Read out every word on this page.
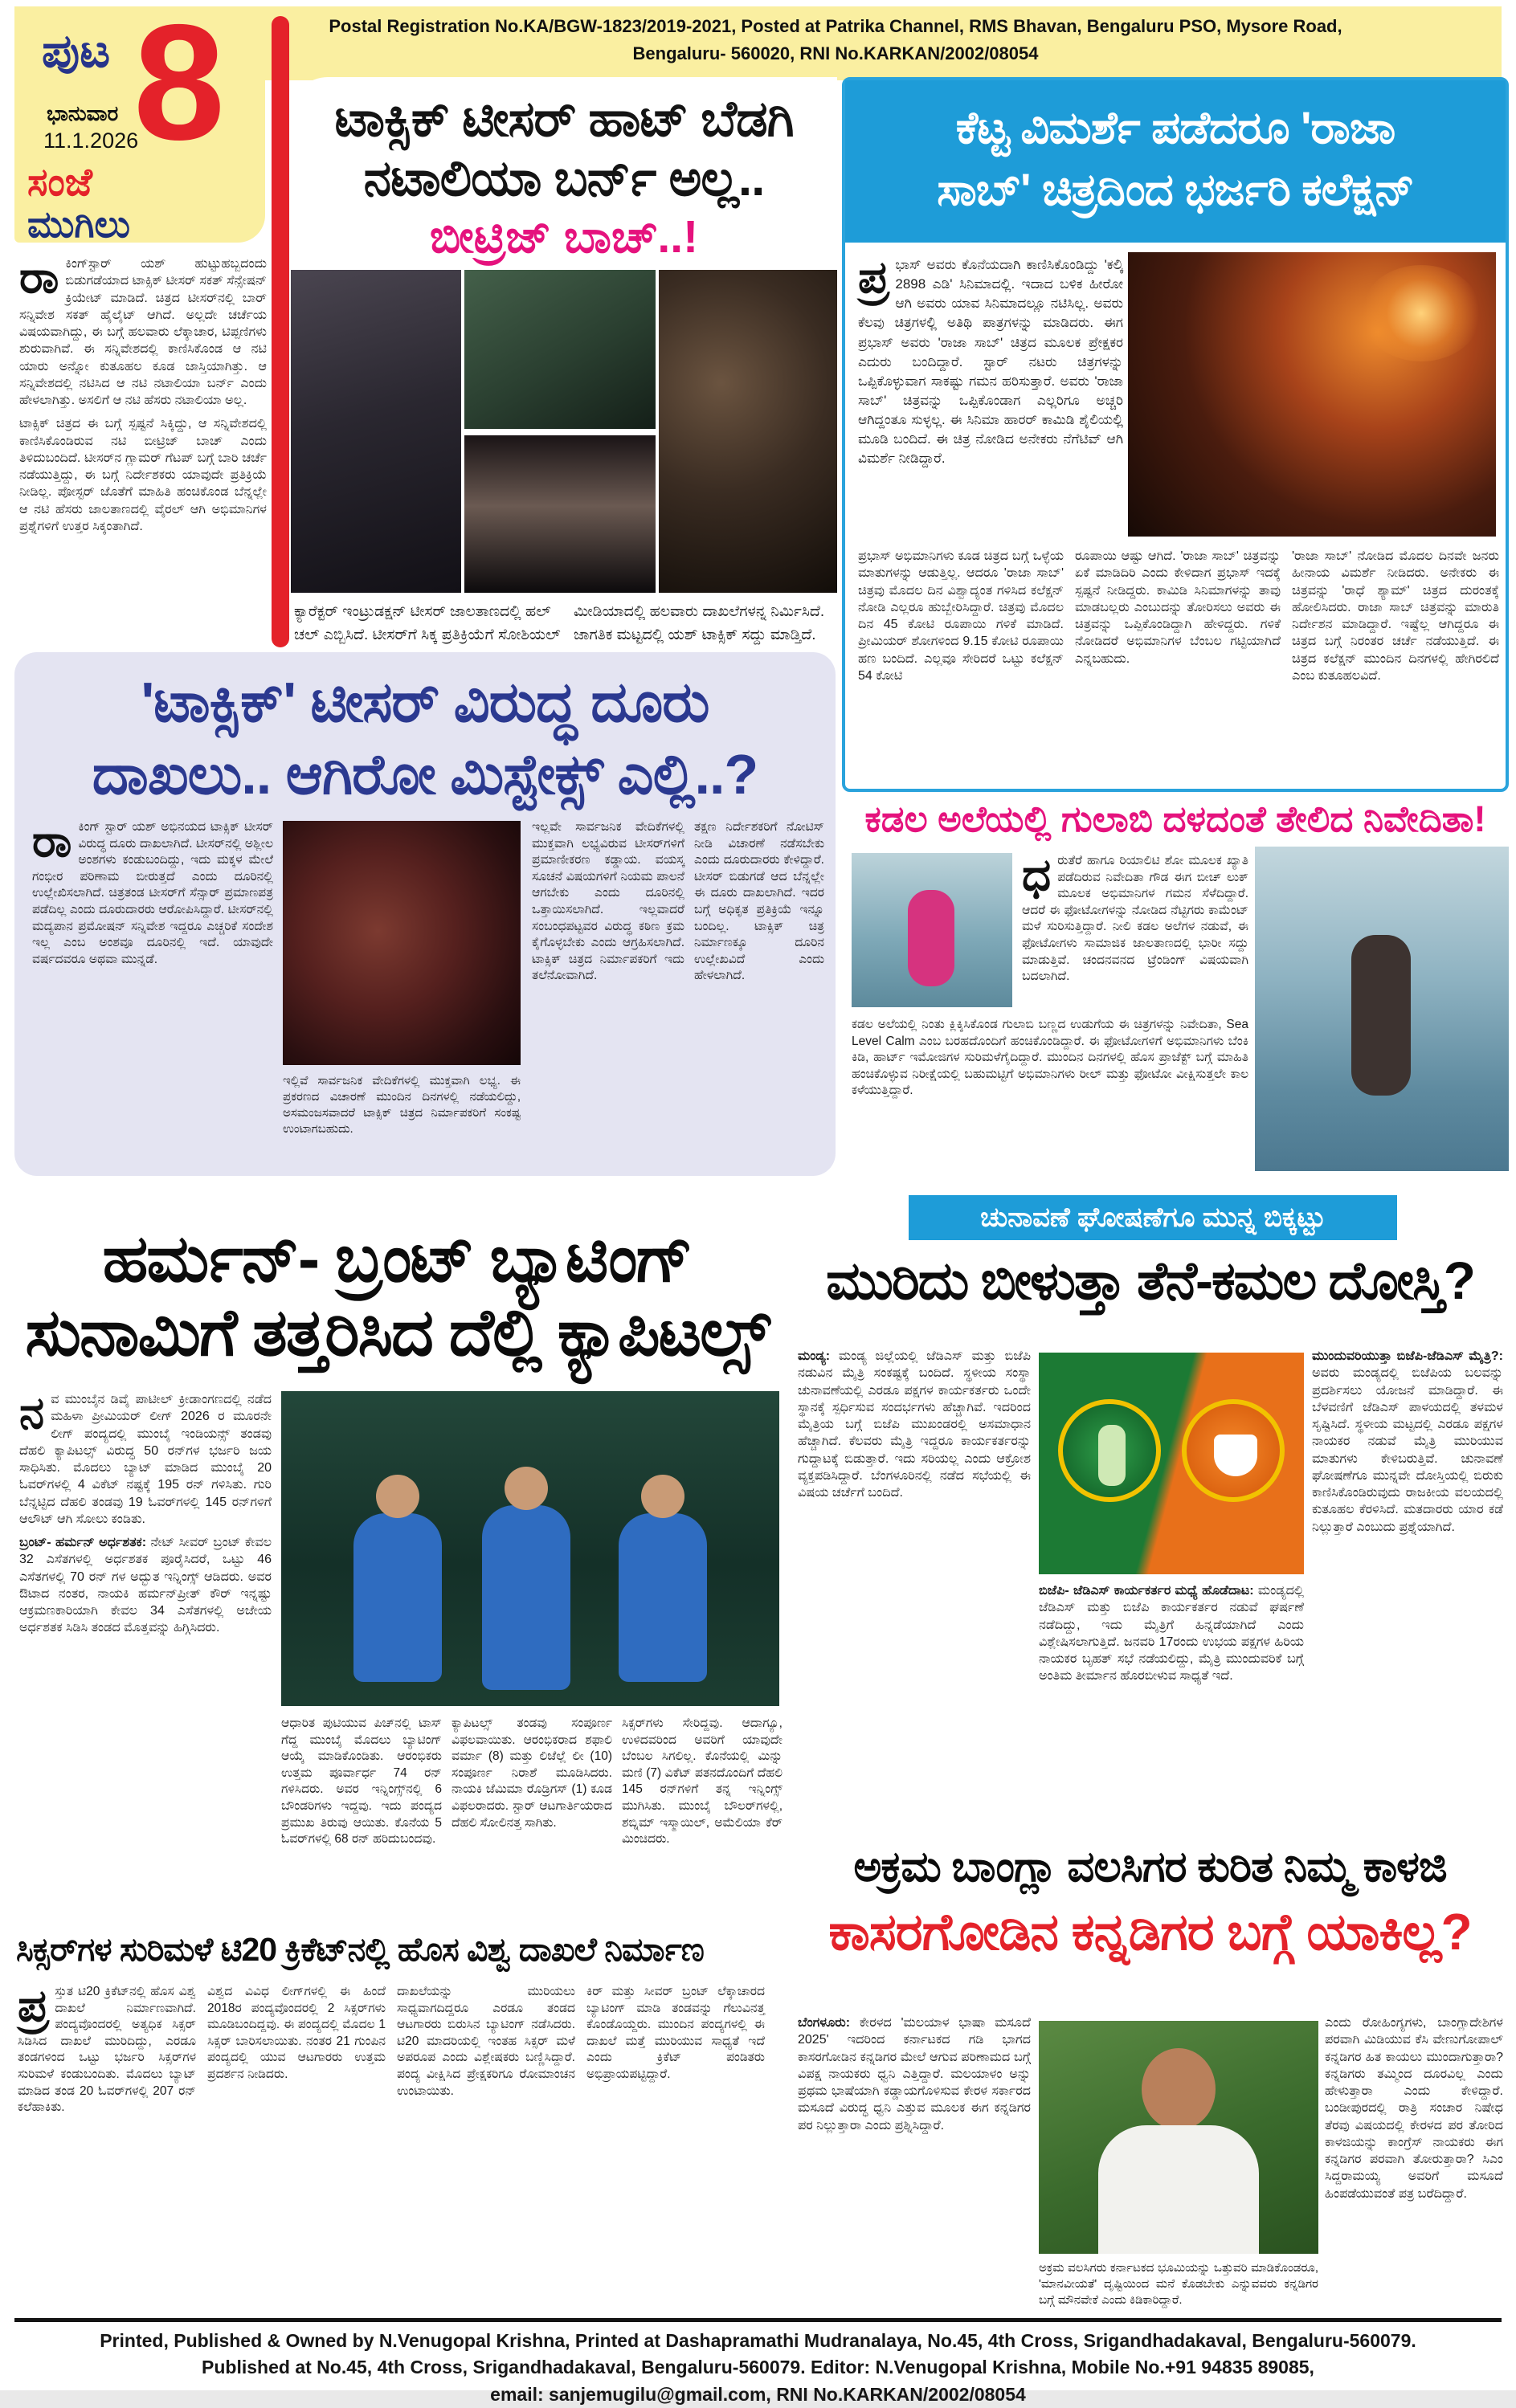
Postal Registration No.KA/BGW-1823/2019-2021, Posted at Patrika Channel, RMS Bhavan, Bengaluru PSO, Mysore Road,
Bengaluru- 560020, RNI No.KARKAN/2002/08054
ಪುಟ 8
ಭಾನುವಾರ
11.1.2026
ಸಂಜೆ
ಮುಗಿಲು
ಟಾಕ್ಸಿಕ್ ಟೀಸರ್ ಹಾಟ್ ಬೆಡಗಿ
ನಟಾಲಿಯಾ ಬರ್ನ್ ಅಲ್ಲ..
ಬೀಟ್ರಿಜ್ ಬಾಚ್..!
ಕ್ಯಾರೆಕ್ಟರ್ ಇಂಟ್ರುಡಕ್ಷನ್ ಟೀಸರ್ ಜಾಲತಾಣದಲ್ಲಿ ಹಲ್ ಚಲ್ ಎಬ್ಬಿಸಿದೆ. ಟೀಸರ್‌ಗೆ ಸಿಕ್ಕ ಪ್ರತಿಕ್ರಿಯೆಗೆ ಸೋಶಿಯಲ್
ಮೀಡಿಯಾದಲ್ಲಿ ಹಲವಾರು ದಾಖಲೆಗಳನ್ನ ನಿರ್ಮಿಸಿದೆ. ಜಾಗತಿಕ ಮಟ್ಟದಲ್ಲಿ ಯಶ್ ಟಾಕ್ಸಿಕ್ ಸದ್ದು ಮಾಡ್ತಿದೆ.

ರಾಕಿಂಗ್‌ಸ್ಟಾರ್ ಯಶ್ ಹುಟ್ಟುಹಬ್ಬದಂದು ಬಿಡುಗಡೆಯಾದ ಟಾಕ್ಸಿಕ್ ಟೀಸರ್ ಸಕತ್ ಸೆನ್ಸೇಷನ್ ಕ್ರಿಯೇಟ್ ಮಾಡಿದೆ. ಚಿತ್ರದ ಟೀಸರ್‌ನಲ್ಲಿ ಬಾರ್ ಸನ್ನಿವೇಶ ಸಕತ್ ಹೈಲೈಟ್ ಆಗಿದೆ. ಅಲ್ಲದೇ ಚರ್ಚೆಯ ವಿಷಯವಾಗಿದ್ದು, ಈ ಬಗ್ಗೆ ಹಲವಾರು ಲೆಕ್ಕಾಚಾರ, ಟಿಪ್ಪಣಿಗಳು ಶುರುವಾಗಿವೆ. ಈ ಸನ್ನಿವೇಶದಲ್ಲಿ ಕಾಣಿಸಿಕೊಂಡ ಆ ನಟಿ ಯಾರು ಅನ್ನೋ ಕುತೂಹಲ ಕೂಡ ಜಾಸ್ತಿಯಾಗಿತ್ತು. ಆ ಸನ್ನಿವೇಶದಲ್ಲಿ ನಟಿಸಿದ ಆ ನಟಿ ನಟಾಲಿಯಾ ಬರ್ನ್ ಎಂದು ಹೇಳಲಾಗಿತ್ತು. ಅಸಲಿಗೆ ಆ ನಟಿ ಹೆಸರು ನಟಾಲಿಯಾ ಅಲ್ಲ.

ಟಾಕ್ಸಿಕ್ ಚಿತ್ರದ ಈ ಬಗ್ಗೆ ಸ್ಪಷ್ಟನೆ ಸಿಕ್ಕಿದ್ದು, ಆ ಸನ್ನಿವೇಶದಲ್ಲಿ ಕಾಣಿಸಿಕೊಂಡಿರುವ ನಟಿ ಬೀಟ್ರಿಜ್ ಬಾಚ್ ಎಂದು ತಿಳಿದುಬಂದಿದೆ. ಟೀಸರ್‌ನ ಗ್ಲಾಮರ್ ಗೆಟಪ್ ಬಗ್ಗೆ ಬಾರಿ ಚರ್ಚೆ ನಡೆಯುತ್ತಿದ್ದು, ಈ ಬಗ್ಗೆ ನಿರ್ದೇಶಕರು ಯಾವುದೇ ಪ್ರತಿಕ್ರಿಯೆ ನೀಡಿಲ್ಲ. ಪೋಸ್ಟರ್ ಜೊತೆಗೆ ಮಾಹಿತಿ ಹಂಚಿಕೊಂಡ ಬೆನ್ನಲ್ಲೇ ಆ ನಟಿ ಹೆಸರು ಜಾಲತಾಣದಲ್ಲಿ ವೈರಲ್ ಆಗಿ ಅಭಿಮಾನಿಗಳ ಪ್ರಶ್ನೆಗಳಿಗೆ ಉತ್ತರ ಸಿಕ್ಕಂತಾಗಿದೆ.

ಕೆಟ್ಟ ವಿಮರ್ಶೆ ಪಡೆದರೂ 'ರಾಜಾ
ಸಾಬ್' ಚಿತ್ರದಿಂದ ಭರ್ಜರಿ ಕಲೆಕ್ಷನ್

ಪ್ರ ಭಾಸ್ ಅವರು ಕೊನೆಯದಾಗಿ ಕಾಣಿಸಿಕೊಂಡಿದ್ದು 'ಕಲ್ಕಿ 2898 ಎಡಿ' ಸಿನಿಮಾದಲ್ಲಿ. ಇದಾದ ಬಳಿಕ ಹೀರೋ ಆಗಿ ಅವರು ಯಾವ ಸಿನಿಮಾದಲ್ಲೂ ನಟಿಸಿಲ್ಲ. ಅವರು ಕೆಲವು ಚಿತ್ರಗಳಲ್ಲಿ ಅತಿಥಿ ಪಾತ್ರಗಳನ್ನು ಮಾಡಿದರು. ಈಗ ಪ್ರಭಾಸ್ ಅವರು 'ರಾಜಾ ಸಾಬ್' ಚಿತ್ರದ ಮೂಲಕ ಪ್ರೇಕ್ಷಕರ ಎದುರು ಬಂದಿದ್ದಾರೆ. ಸ್ಟಾರ್ ನಟರು ಚಿತ್ರಗಳನ್ನು ಒಪ್ಪಿಕೊಳ್ಳುವಾಗ ಸಾಕಷ್ಟು ಗಮನ ಹರಿಸುತ್ತಾರೆ. ಅವರು 'ರಾಜಾ ಸಾಬ್' ಚಿತ್ರವನ್ನು ಒಪ್ಪಿಕೊಂಡಾಗ ಎಲ್ಲರಿಗೂ ಅಚ್ಚರಿ ಆಗಿದ್ದಂತೂ ಸುಳ್ಳಲ್ಲ. ಈ ಸಿನಿಮಾ ಹಾರರ್ ಕಾಮಿಡಿ ಶೈಲಿಯಲ್ಲಿ ಮೂಡಿ ಬಂದಿದೆ. ಈ ಚಿತ್ರ ನೋಡಿದ ಅನೇಕರು ನೆಗೆಟಿವ್ ಆಗಿ ವಿಮರ್ಶೆ ನೀಡಿದ್ದಾರೆ.

ಪ್ರಭಾಸ್ ಅಭಿಮಾನಿಗಳು ಕೂಡ ಚಿತ್ರದ ಬಗ್ಗೆ ಒಳ್ಳೆಯ ಮಾತುಗಳನ್ನು ಆಡುತ್ತಿಲ್ಲ. ಆದರೂ 'ರಾಜಾ ಸಾಬ್' ಚಿತ್ರವು ಮೊದಲ ದಿನ ವಿಶ್ವಾದ್ಯಂತ ಗಳಿಸಿದ ಕಲೆಕ್ಷನ್ ನೋಡಿ ಎಲ್ಲರೂ ಹುಬ್ಬೇರಿಸಿದ್ದಾರೆ. ಚಿತ್ರವು ಮೊದಲ ದಿನ 45 ಕೋಟಿ ರೂಪಾಯಿ ಗಳಿಕೆ ಮಾಡಿದೆ. ಪ್ರೀಮಿಯರ್ ಶೋಗಳಿಂದ 9.15 ಕೋಟಿ ರೂಪಾಯಿ ಹಣ ಬಂದಿದೆ. ಎಲ್ಲವೂ ಸೇರಿದರೆ ಒಟ್ಟು ಕಲೆಕ್ಷನ್ 54 ಕೋಟಿ
ರೂಪಾಯಿ ಆಷ್ಟು ಆಗಿದೆ. 'ರಾಜಾ ಸಾಬ್' ಚಿತ್ರವನ್ನು ಏಕೆ ಮಾಡಿದಿರಿ ಎಂದು ಕೇಳಿದಾಗ ಪ್ರಭಾಸ್ ಇದಕ್ಕೆ ಸ್ಪಷ್ಟನೆ ನೀಡಿದ್ದರು. ಕಾಮಿಡಿ ಸಿನಿಮಾಗಳನ್ನು ತಾವು ಮಾಡಬಲ್ಲರು ಎಂಬುದನ್ನು ತೋರಿಸಲು ಅವರು ಈ ಚಿತ್ರವನ್ನು ಒಪ್ಪಿಕೊಂಡಿದ್ದಾಗಿ ಹೇಳಿದ್ದರು. ಗಳಿಕೆ ನೋಡಿದರೆ ಅಭಿಮಾನಿಗಳ ಬೆಂಬಲ ಗಟ್ಟಿಯಾಗಿದೆ ಎನ್ನಬಹುದು.
'ರಾಜಾ ಸಾಬ್' ನೋಡಿದ ಮೊದಲ ದಿನವೇ ಜನರು ಹೀನಾಯ ವಿಮರ್ಶೆ ನೀಡಿದರು. ಅನೇಕರು ಈ ಚಿತ್ರವನ್ನು 'ರಾಧೆ ಶ್ಯಾಮ್' ಚಿತ್ರದ ದುರಂತಕ್ಕೆ ಹೋಲಿಸಿದರು. ರಾಜಾ ಸಾಬ್ ಚಿತ್ರವನ್ನು ಮಾರುತಿ ನಿರ್ದೇಶನ ಮಾಡಿದ್ದಾರೆ. ಇಷ್ಟೆಲ್ಲ ಆಗಿದ್ದರೂ ಈ ಚಿತ್ರದ ಬಗ್ಗೆ ನಿರಂತರ ಚರ್ಚೆ ನಡೆಯುತ್ತಿದೆ. ಈ ಚಿತ್ರದ ಕಲೆಕ್ಷನ್ ಮುಂದಿನ ದಿನಗಳಲ್ಲಿ ಹೇಗಿರಲಿದೆ ಎಂಬ ಕುತೂಹಲವಿದೆ.
'ಟಾಕ್ಸಿಕ್' ಟೀಸರ್ ವಿರುದ್ಧ ದೂರು
ದಾಖಲು.. ಆಗಿರೋ ಮಿಸ್ಟೇಕ್ಸ್ ಎಲ್ಲಿ..?

ರಾಕಿಂಗ್ ಸ್ಟಾರ್ ಯಶ್ ಅಭಿನಯದ ಟಾಕ್ಸಿಕ್ ಟೀಸರ್ ವಿರುದ್ಧ ದೂರು ದಾಖಲಾಗಿದೆ. ಟೀಸರ್‌ನಲ್ಲಿ ಅಶ್ಲೀಲ ಅಂಶಗಳು ಕಂಡುಬಂದಿದ್ದು, ಇದು ಮಕ್ಕಳ ಮೇಲೆ ಗಂಭೀರ ಪರಿಣಾಮ ಬೀರುತ್ತದೆ ಎಂದು ದೂರಿನಲ್ಲಿ ಉಲ್ಲೇಖಿಸಲಾಗಿದೆ. ಚಿತ್ರತಂಡ ಟೀಸರ್‌ಗೆ ಸೆನ್ಸಾರ್ ಪ್ರಮಾಣಪತ್ರ ಪಡೆದಿಲ್ಲ ಎಂದು ದೂರುದಾರರು ಆರೋಪಿಸಿದ್ದಾರೆ. ಟೀಸರ್‌ನಲ್ಲಿ ಮದ್ಯಪಾನ ಪ್ರಮೋಷನ್ ಸನ್ನಿವೇಶ ಇದ್ದರೂ ಎಚ್ಚರಿಕೆ ಸಂದೇಶ ಇಲ್ಲ ಎಂಬ ಅಂಶವೂ ದೂರಿನಲ್ಲಿ ಇದೆ. ಯಾವುದೇ ವರ್ಷದವರೂ ಅಥವಾ ಮುನ್ನಡೆ.

ಇಲ್ಲಿವೆ ಸಾರ್ವಜನಿಕ ವೇದಿಕೆಗಳಲ್ಲಿ ಮುಕ್ತವಾಗಿ ಲಭ್ಯ. ಈ ಪ್ರಕರಣದ ವಿಚಾರಣೆ ಮುಂದಿನ ದಿನಗಳಲ್ಲಿ ನಡೆಯಲಿದ್ದು, ಅಸಮಂಜಸವಾದರೆ ಟಾಕ್ಸಿಕ್ ಚಿತ್ರದ ನಿರ್ಮಾಪಕರಿಗೆ ಸಂಕಷ್ಟ ಉಂಟಾಗಬಹುದು.
ಇಲ್ಲವೇ ಸಾರ್ವಜನಿಕ ವೇದಿಕೆಗಳಲ್ಲಿ ಮುಕ್ತವಾಗಿ ಲಭ್ಯವಿರುವ ಟೀಸರ್‌ಗಳಿಗೆ ಪ್ರಮಾಣೀಕರಣ ಕಡ್ಡಾಯ. ವಯಸ್ಕ ಸೂಚನೆ ವಿಷಯಗಳಿಗೆ ನಿಯಮ ಪಾಲನೆ ಆಗಬೇಕು ಎಂದು ದೂರಿನಲ್ಲಿ ಒತ್ತಾಯಿಸಲಾಗಿದೆ. ಇಲ್ಲವಾದರೆ ಸಂಬಂಧಪಟ್ಟವರ ವಿರುದ್ಧ ಕಠಿಣ ಕ್ರಮ ಕೈಗೊಳ್ಳಬೇಕು ಎಂದು ಆಗ್ರಹಿಸಲಾಗಿದೆ. ಟಾಕ್ಸಿಕ್ ಚಿತ್ರದ ನಿರ್ಮಾಪಕರಿಗೆ ಇದು ತಲೆನೋವಾಗಿದೆ.
ತಕ್ಷಣ ನಿರ್ದೇಶಕರಿಗೆ ನೋಟಿಸ್ ನೀಡಿ ವಿಚಾರಣೆ ನಡೆಸಬೇಕು ಎಂದು ದೂರುದಾರರು ಕೇಳಿದ್ದಾರೆ. ಟೀಸರ್ ಬಿಡುಗಡೆ ಆದ ಬೆನ್ನಲ್ಲೇ ಈ ದೂರು ದಾಖಲಾಗಿದೆ. ಇದರ ಬಗ್ಗೆ ಅಧಿಕೃತ ಪ್ರತಿಕ್ರಿಯೆ ಇನ್ನೂ ಬಂದಿಲ್ಲ. ಟಾಕ್ಸಿಕ್ ಚಿತ್ರ ನಿರ್ಮಾಣಕ್ಕೂ ದೂರಿನ ಉಲ್ಲೇಖವಿದೆ ಎಂದು ಹೇಳಲಾಗಿದೆ.
ಕಡಲ ಅಲೆಯಲ್ಲಿ ಗುಲಾಬಿ ದಳದಂತೆ ತೇಲಿದ ನಿವೇದಿತಾ!

ಧರುತೆರೆ ಹಾಗೂ ರಿಯಾಲಿಟಿ ಶೋ ಮೂಲಕ ಖ್ಯಾತಿ ಪಡೆದಿರುವ ನಿವೇದಿತಾ ಗೌಡ ಈಗ ಬೀಚ್ ಲುಕ್ ಮೂಲಕ ಅಭಿಮಾನಿಗಳ ಗಮನ ಸೆಳೆದಿದ್ದಾರೆ. ಆದರೆ ಈ ಫೋಟೋಗಳನ್ನು ನೋಡಿದ ನೆಟ್ಟಿಗರು ಕಾಮೆಂಟ್ ಮಳೆ ಸುರಿಸುತ್ತಿದ್ದಾರೆ. ನೀಲಿ ಕಡಲ ಅಲೆಗಳ ನಡುವೆ, ಈ ಫೋಟೋಗಳು ಸಾಮಾಜಿಕ ಜಾಲತಾಣದಲ್ಲಿ ಭಾರೀ ಸದ್ದು ಮಾಡುತ್ತಿವೆ. ಚಂದನವನದ ಟ್ರೆಂಡಿಂಗ್ ವಿಷಯವಾಗಿ ಬದಲಾಗಿದೆ.

ಕಡಲ ಅಲೆಯಲ್ಲಿ ನಿಂತು ಕ್ಲಿಕ್ಕಿಸಿಕೊಂಡ ಗುಲಾಬಿ ಬಣ್ಣದ ಉಡುಗೆಯ ಈ ಚಿತ್ರಗಳನ್ನು ನಿವೇದಿತಾ, Sea Level Calm ಎಂಬ ಬರಹದೊಂದಿಗೆ ಹಂಚಿಕೊಂಡಿದ್ದಾರೆ. ಈ ಫೋಟೋಗಳಿಗೆ ಅಭಿಮಾನಿಗಳು ಬೆಂಕಿ ಕಿಡಿ, ಹಾರ್ಟ್ ಇಮೋಜಿಗಳ ಸುರಿಮಳೆಗೈದಿದ್ದಾರೆ. ಮುಂದಿನ ದಿನಗಳಲ್ಲಿ ಹೊಸ ಪ್ರಾಜೆಕ್ಟ್ ಬಗ್ಗೆ ಮಾಹಿತಿ ಹಂಚಿಕೊಳ್ಳುವ ನಿರೀಕ್ಷೆಯಲ್ಲಿ ಬಹುಮಟ್ಟಿಗೆ ಅಭಿಮಾನಿಗಳು ರೀಲ್ ಮತ್ತು ಫೋಟೋ ವೀಕ್ಷಿಸುತ್ತಲೇ ಕಾಲ ಕಳೆಯುತ್ತಿದ್ದಾರೆ.
ಹರ್ಮನ್- ಬ್ರಂಟ್ ಬ್ಯಾಟಿಂಗ್
ಸುನಾಮಿಗೆ ತತ್ತರಿಸಿದ ದೆಲ್ಲಿ ಕ್ಯಾಪಿಟಲ್ಸ್

ನವ ಮುಂಬೈನ ಡಿವೈ ಪಾಟೀಲ್ ಕ್ರೀಡಾಂಗಣದಲ್ಲಿ ನಡೆದ ಮಹಿಳಾ ಪ್ರೀಮಿಯರ್ ಲೀಗ್ 2026 ರ ಮೂರನೇ ಲೀಗ್ ಪಂದ್ಯದಲ್ಲಿ ಮುಂಬೈ ಇಂಡಿಯನ್ಸ್ ತಂಡವು ದೆಹಲಿ ಕ್ಯಾಪಿಟಲ್ಸ್ ವಿರುದ್ಧ 50 ರನ್‌ಗಳ ಭರ್ಜರಿ ಜಯ ಸಾಧಿಸಿತು. ಮೊದಲು ಬ್ಯಾಟ್ ಮಾಡಿದ ಮುಂಬೈ 20 ಓವರ್‌ಗಳಲ್ಲಿ 4 ವಿಕೆಟ್ ನಷ್ಟಕ್ಕೆ 195 ರನ್ ಗಳಿಸಿತು. ಗುರಿ ಬೆನ್ನಟ್ಟಿದ ದೆಹಲಿ ತಂಡವು 19 ಓವರ್‌ಗಳಲ್ಲಿ 145 ರನ್‌ಗಳಿಗೆ ಆಲೌಟ್ ಆಗಿ ಸೋಲು ಕಂಡಿತು.

ಬ್ರಂಟ್- ಹರ್ಮನ್ ಅರ್ಧಶತಕ: ನೇಟ್ ಸೀವರ್ ಬ್ರಂಟ್ ಕೇವಲ 32 ಎಸೆತಗಳಲ್ಲಿ ಅರ್ಧಶತಕ ಪೂರೈಸಿದರೆ, ಒಟ್ಟು 46 ಎಸೆತಗಳಲ್ಲಿ 70 ರನ್ ಗಳ ಅದ್ಭುತ ಇನ್ನಿಂಗ್ಸ್ ಆಡಿದರು. ಅವರ ಔಟಾದ ನಂತರ, ನಾಯಕಿ ಹರ್ಮನ್‌ಪ್ರೀತ್ ಕೌರ್ ಇನ್ನಷ್ಟು ಆಕ್ರಮಣಕಾರಿಯಾಗಿ ಕೇವಲ 34 ಎಸೆತಗಳಲ್ಲಿ ಅಜೇಯ ಅರ್ಧಶತಕ ಸಿಡಿಸಿ ತಂಡದ ಮೊತ್ತವನ್ನು ಹಿಗ್ಗಿಸಿದರು.

ಆಧಾರಿತ ಪುಟಿಯುವ ಪಿಚ್‌ನಲ್ಲಿ ಟಾಸ್ ಗೆದ್ದ ಮುಂಬೈ ಮೊದಲು ಬ್ಯಾಟಿಂಗ್ ಆಯ್ಕೆ ಮಾಡಿಕೊಂಡಿತು. ಆರಂಭಿಕರು ಉತ್ತಮ ಪೂರ್ವಾರ್ಧ 74 ರನ್ ಗಳಿಸಿದರು. ಅವರ ಇನ್ನಿಂಗ್ಸ್‌ನಲ್ಲಿ 6 ಬೌಂಡರಿಗಳು ಇದ್ದವು. ಇದು ಪಂದ್ಯದ ಪ್ರಮುಖ ತಿರುವು ಆಯಿತು. ಕೊನೆಯ 5 ಓವರ್‌ಗಳಲ್ಲಿ 68 ರನ್ ಹರಿದುಬಂದವು.
ಕ್ಯಾಪಿಟಲ್ಸ್ ತಂಡವು ಸಂಪೂರ್ಣ ವಿಫಲವಾಯಿತು. ಆರಂಭಿಕರಾದ ಶಫಾಲಿ ವರ್ಮಾ (8) ಮತ್ತು ಲಿಜೆಲ್ಲೆ ಲೀ (10) ಸಂಪೂರ್ಣ ನಿರಾಶೆ ಮೂಡಿಸಿದರು. ನಾಯಕಿ ಜೆಮಿಮಾ ರೊಡ್ರಿಗಸ್ (1) ಕೂಡ ವಿಫಲರಾದರು. ಸ್ಟಾರ್ ಆಟಗಾರ್ತಿಯರಾದ ದೆಹಲಿ ಸೋಲಿನತ್ತ ಸಾಗಿತು.
ಸಿಕ್ಸರ್‌ಗಳು ಸೇರಿದ್ದವು. ಆದಾಗ್ಯೂ, ಉಳಿದವರಿಂದ ಅವರಿಗೆ ಯಾವುದೇ ಬೆಂಬಲ ಸಿಗಲಿಲ್ಲ. ಕೊನೆಯಲ್ಲಿ ಮಿನ್ನು ಮಣಿ (7) ವಿಕೆಟ್ ಪತನದೊಂದಿಗೆ ದೆಹಲಿ 145 ರನ್‌ಗಳಿಗೆ ತನ್ನ ಇನ್ನಿಂಗ್ಸ್ ಮುಗಿಸಿತು. ಮುಂಬೈ ಬೌಲರ್‌ಗಳಲ್ಲಿ, ಶಬ್ನಿಮ್ ಇಸ್ಮಾಯಿಲ್, ಅಮೆಲಿಯಾ ಕೆರ್ ಮಿಂಚಿದರು.
ಸಿಕ್ಸರ್‌ಗಳ ಸುರಿಮಳೆ ಟಿ20 ಕ್ರಿಕೆಟ್‌ನಲ್ಲಿ ಹೊಸ ವಿಶ್ವ ದಾಖಲೆ ನಿರ್ಮಾಣ

ಪ್ರ ಸ್ತುತ ಟಿ20 ಕ್ರಿಕೆಟ್‌ನಲ್ಲಿ ಹೊಸ ವಿಶ್ವ ದಾಖಲೆ ನಿರ್ಮಾಣವಾಗಿದೆ. ಪಂದ್ಯವೊಂದರಲ್ಲಿ ಅತ್ಯಧಿಕ ಸಿಕ್ಸರ್ ಸಿಡಿಸಿದ ದಾಖಲೆ ಮುರಿದಿದ್ದು, ಎರಡೂ ತಂಡಗಳಿಂದ ಒಟ್ಟು ಭರ್ಜರಿ ಸಿಕ್ಸರ್‌ಗಳ ಸುರಿಮಳೆ ಕಂಡುಬಂದಿತು. ಮೊದಲು ಬ್ಯಾಟ್ ಮಾಡಿದ ತಂಡ 20 ಓವರ್‌ಗಳಲ್ಲಿ 207 ರನ್ ಕಲೆಹಾಕಿತು.

ವಿಶ್ವದ ವಿವಿಧ ಲೀಗ್‌ಗಳಲ್ಲಿ ಈ ಹಿಂದೆ 2018ರ ಪಂದ್ಯವೊಂದರಲ್ಲಿ 2 ಸಿಕ್ಸರ್‌ಗಳು ಮೂಡಿಬಂದಿದ್ದವು. ಈ ಪಂದ್ಯದಲ್ಲಿ ಮೊದಲ 1 ಸಿಕ್ಸರ್ ಬಾರಿಸಲಾಯಿತು. ನಂತರ 21 ಗುಂಪಿನ ಪಂದ್ಯದಲ್ಲಿ ಯುವ ಆಟಗಾರರು ಉತ್ತಮ ಪ್ರದರ್ಶನ ನೀಡಿದರು.
ದಾಖಲೆಯನ್ನು ಮುರಿಯಲು ಸಾಧ್ಯವಾಗದಿದ್ದರೂ ಎರಡೂ ತಂಡದ ಆಟಗಾರರು ಬಿರುಸಿನ ಬ್ಯಾಟಿಂಗ್ ನಡೆಸಿದರು. ಟಿ20 ಮಾದರಿಯಲ್ಲಿ ಇಂತಹ ಸಿಕ್ಸರ್ ಮಳೆ ಅಪರೂಪ ಎಂದು ವಿಶ್ಲೇಷಕರು ಬಣ್ಣಿಸಿದ್ದಾರೆ. ಪಂದ್ಯ ವೀಕ್ಷಿಸಿದ ಪ್ರೇಕ್ಷಕರಿಗೂ ರೋಮಾಂಚನ ಉಂಟಾಯಿತು.
ಕಿರ್ ಮತ್ತು ಸೀವರ್ ಬ್ರಂಟ್ ಲೆಕ್ಕಾಚಾರದ ಬ್ಯಾಟಿಂಗ್ ಮಾಡಿ ತಂಡವನ್ನು ಗೆಲುವಿನತ್ತ ಕೊಂಡೊಯ್ದರು. ಮುಂದಿನ ಪಂದ್ಯಗಳಲ್ಲಿ ಈ ದಾಖಲೆ ಮತ್ತೆ ಮುರಿಯುವ ಸಾಧ್ಯತೆ ಇದೆ ಎಂದು ಕ್ರಿಕೆಟ್ ಪಂಡಿತರು ಅಭಿಪ್ರಾಯಪಟ್ಟಿದ್ದಾರೆ.
ಚುನಾವಣೆ ಘೋಷಣೆಗೂ ಮುನ್ನ ಬಿಕ್ಕಟ್ಟು
ಮುರಿದು ಬೀಳುತ್ತಾ ತೆನೆ-ಕಮಲ ದೋಸ್ತಿ?

ಮಂಡ್ಯ: ಮಂಡ್ಯ ಜಿಲ್ಲೆಯಲ್ಲಿ ಜೆಡಿಎಸ್ ಮತ್ತು ಬಿಜೆಪಿ ನಡುವಿನ ಮೈತ್ರಿ ಸಂಕಷ್ಟಕ್ಕೆ ಬಂದಿದೆ. ಸ್ಥಳೀಯ ಸಂಸ್ಥಾ ಚುನಾವಣೆಯಲ್ಲಿ ಎರಡೂ ಪಕ್ಷಗಳ ಕಾರ್ಯಕರ್ತರು ಒಂದೇ ಸ್ಥಾನಕ್ಕೆ ಸ್ಪರ್ಧಿಸುವ ಸಂದರ್ಭಗಳು ಹೆಚ್ಚಾಗಿವೆ. ಇದರಿಂದ ಮೈತ್ರಿಯ ಬಗ್ಗೆ ಬಿಜೆಪಿ ಮುಖಂಡರಲ್ಲಿ ಅಸಮಾಧಾನ ಹೆಚ್ಚಾಗಿದೆ. ಕೆಲವರು ಮೈತ್ರಿ ಇದ್ದರೂ ಕಾರ್ಯಕರ್ತರನ್ನು ಗುದ್ದಾಟಕ್ಕೆ ಬಿಡುತ್ತಾರೆ. ಇದು ಸರಿಯಲ್ಲ ಎಂದು ಆಕ್ರೋಶ ವ್ಯಕ್ತಪಡಿಸಿದ್ದಾರೆ. ಬೆಂಗಳೂರಿನಲ್ಲಿ ನಡೆದ ಸಭೆಯಲ್ಲಿ ಈ ವಿಷಯ ಚರ್ಚೆಗೆ ಬಂದಿದೆ.

ಬಿಜೆಪಿ- ಜೆಡಿಎಸ್ ಕಾರ್ಯಕರ್ತರ ಮಧ್ಯೆ ಹೊಡೆದಾಟ: ಮಂಡ್ಯದಲ್ಲಿ ಜೆಡಿಎಸ್ ಮತ್ತು ಬಿಜೆಪಿ ಕಾರ್ಯಕರ್ತರ ನಡುವೆ ಘರ್ಷಣೆ ನಡೆದಿದ್ದು, ಇದು ಮೈತ್ರಿಗೆ ಹಿನ್ನಡೆಯಾಗಿದೆ ಎಂದು ವಿಶ್ಲೇಷಿಸಲಾಗುತ್ತಿದೆ. ಜನವರಿ 17ರಂದು ಉಭಯ ಪಕ್ಷಗಳ ಹಿರಿಯ ನಾಯಕರ ಬೃಹತ್ ಸಭೆ ನಡೆಯಲಿದ್ದು, ಮೈತ್ರಿ ಮುಂದುವರಿಕೆ ಬಗ್ಗೆ ಅಂತಿಮ ತೀರ್ಮಾನ ಹೊರಬೀಳುವ ಸಾಧ್ಯತೆ ಇದೆ.

ಮುಂದುವರಿಯುತ್ತಾ ಬಿಜೆಪಿ-ಜೆಡಿಎಸ್ ಮೈತ್ರಿ?: ಅವರು ಮಂಡ್ಯದಲ್ಲಿ ಬಿಜೆಪಿಯ ಬಲವನ್ನು ಪ್ರದರ್ಶಿಸಲು ಯೋಜನೆ ಮಾಡಿದ್ದಾರೆ. ಈ ಬೆಳವಣಿಗೆ ಜೆಡಿಎಸ್ ಪಾಳಯದಲ್ಲಿ ತಳಮಳ ಸೃಷ್ಟಿಸಿದೆ. ಸ್ಥಳೀಯ ಮಟ್ಟದಲ್ಲಿ ಎರಡೂ ಪಕ್ಷಗಳ ನಾಯಕರ ನಡುವೆ ಮೈತ್ರಿ ಮುರಿಯುವ ಮಾತುಗಳು ಕೇಳಿಬರುತ್ತಿವೆ. ಚುನಾವಣೆ ಘೋಷಣೆಗೂ ಮುನ್ನವೇ ದೋಸ್ತಿಯಲ್ಲಿ ಬಿರುಕು ಕಾಣಿಸಿಕೊಂಡಿರುವುದು ರಾಜಕೀಯ ವಲಯದಲ್ಲಿ ಕುತೂಹಲ ಕೆರಳಿಸಿದೆ. ಮತದಾರರು ಯಾರ ಕಡೆ ನಿಲ್ಲುತ್ತಾರೆ ಎಂಬುದು ಪ್ರಶ್ನೆಯಾಗಿದೆ.

ಅಕ್ರಮ ಬಾಂಗ್ಲಾ ವಲಸಿಗರ ಕುರಿತ ನಿಮ್ಮ ಕಾಳಜಿ
ಕಾಸರಗೋಡಿನ ಕನ್ನಡಿಗರ ಬಗ್ಗೆ ಯಾಕಿಲ್ಲ?

ಬೆಂಗಳೂರು: ಕೇರಳದ 'ಮಲಯಾಳ ಭಾಷಾ ಮಸೂದೆ 2025' ಇದರಿಂದ ಕರ್ನಾಟಕದ ಗಡಿ ಭಾಗದ ಕಾಸರಗೋಡಿನ ಕನ್ನಡಿಗರ ಮೇಲೆ ಆಗುವ ಪರಿಣಾಮದ ಬಗ್ಗೆ ವಿಪಕ್ಷ ನಾಯಕರು ಧ್ವನಿ ಎತ್ತಿದ್ದಾರೆ. ಮಲಯಾಳಂ ಅನ್ನು ಪ್ರಥಮ ಭಾಷೆಯಾಗಿ ಕಡ್ಡಾಯಗೊಳಿಸುವ ಕೇರಳ ಸರ್ಕಾರದ ಮಸೂದೆ ವಿರುದ್ಧ ಧ್ವನಿ ಎತ್ತುವ ಮೂಲಕ ಈಗ ಕನ್ನಡಿಗರ ಪರ ನಿಲ್ಲುತ್ತಾರಾ ಎಂದು ಪ್ರಶ್ನಿಸಿದ್ದಾರೆ.

ಅಕ್ರಮ ವಲಸಿಗರು ಕರ್ನಾಟಕದ ಭೂಮಿಯನ್ನು ಒತ್ತುವರಿ ಮಾಡಿಕೊಂಡರೂ, 'ಮಾನವೀಯತೆ' ದೃಷ್ಟಿಯಿಂದ ಮನೆ ಕೊಡಬೇಕು ಎನ್ನುವವರು ಕನ್ನಡಿಗರ ಬಗ್ಗೆ ಮೌನವೇಕೆ ಎಂದು ಕಿಡಿಕಾರಿದ್ದಾರೆ.
ಎಂದು ರೋಹಿಂಗ್ಯಗಳು, ಬಾಂಗ್ಲಾದೇಶಿಗಳ ಪರವಾಗಿ ಮಿಡಿಯುವ ಕೆಸಿ ವೇಣುಗೋಪಾಲ್ ಕನ್ನಡಿಗರ ಹಿತ ಕಾಯಲು ಮುಂದಾಗುತ್ತಾರಾ? ಕನ್ನಡಿಗರು ತಮ್ಮಿಂದ ದೂರವಿಲ್ಲ ಎಂದು ಹೇಳುತ್ತಾರಾ ಎಂದು ಕೇಳಿದ್ದಾರೆ. ಬಂಡೀಪುರದಲ್ಲಿ ರಾತ್ರಿ ಸಂಚಾರ ನಿಷೇಧ ತೆರವು ವಿಷಯದಲ್ಲಿ ಕೇರಳದ ಪರ ತೋರಿದ ಕಾಳಜಿಯನ್ನು ಕಾಂಗ್ರೆಸ್ ನಾಯಕರು ಈಗ ಕನ್ನಡಿಗರ ಪರವಾಗಿ ತೋರುತ್ತಾರಾ? ಸಿಎಂ ಸಿದ್ದರಾಮಯ್ಯ ಅವರಿಗೆ ಮಸೂದೆ ಹಿಂಪಡೆಯುವಂತೆ ಪತ್ರ ಬರೆದಿದ್ದಾರೆ.
Printed, Published & Owned by N.Venugopal Krishna, Printed at Dashapramathi Mudranalaya, No.45, 4th Cross, Srigandhadakaval, Bengaluru-560079.
Published at No.45, 4th Cross, Srigandhadakaval, Bengaluru-560079. Editor: N.Venugopal Krishna, Mobile No.+91 94835 89085,
email: sanjemugilu@gmail.com, RNI No.KARKAN/2002/08054
